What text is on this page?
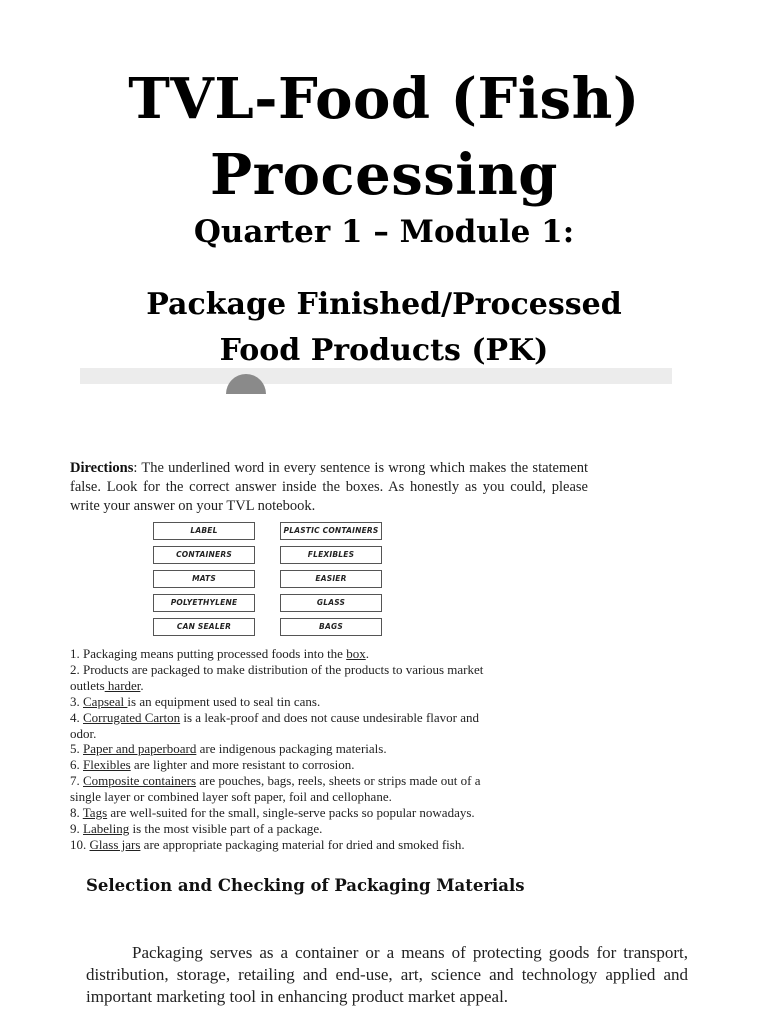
TVL-Food (Fish)
Processing
Quarter 1 – Module 1:
Package Finished/Processed
Food Products (PK)
Directions: The underlined word in every sentence is wrong which makes the statement false. Look for the correct answer inside the boxes. As honestly as you could, please write your answer on your TVL notebook.
LABEL
CONTAINERS
MATS
POLYETHYLENE
CAN SEALER
PLASTIC CONTAINERS
FLEXIBLES
EASIER
GLASS
BAGS
1. Packaging means putting processed foods into the box.
2. Products are packaged to make distribution of the products to various market
outlets harder.
3. Capseal is an equipment used to seal tin cans.
4. Corrugated Carton is a leak-proof and does not cause undesirable flavor and
odor.
5. Paper and paperboard are indigenous packaging materials.
6. Flexibles are lighter and more resistant to corrosion.
7. Composite containers are pouches, bags, reels, sheets or strips made out of a
single layer or combined layer soft paper, foil and cellophane.
8. Tags are well-suited for the small, single-serve packs so popular nowadays.
9. Labeling is the most visible part of a package.
10. Glass jars are appropriate packaging material for dried and smoked fish.
Selection and Checking of Packaging Materials
Packaging serves as a container or a means of protecting goods for transport, distribution, storage, retailing and end-use, art, science and technology applied and important marketing tool in enhancing product market appeal.
